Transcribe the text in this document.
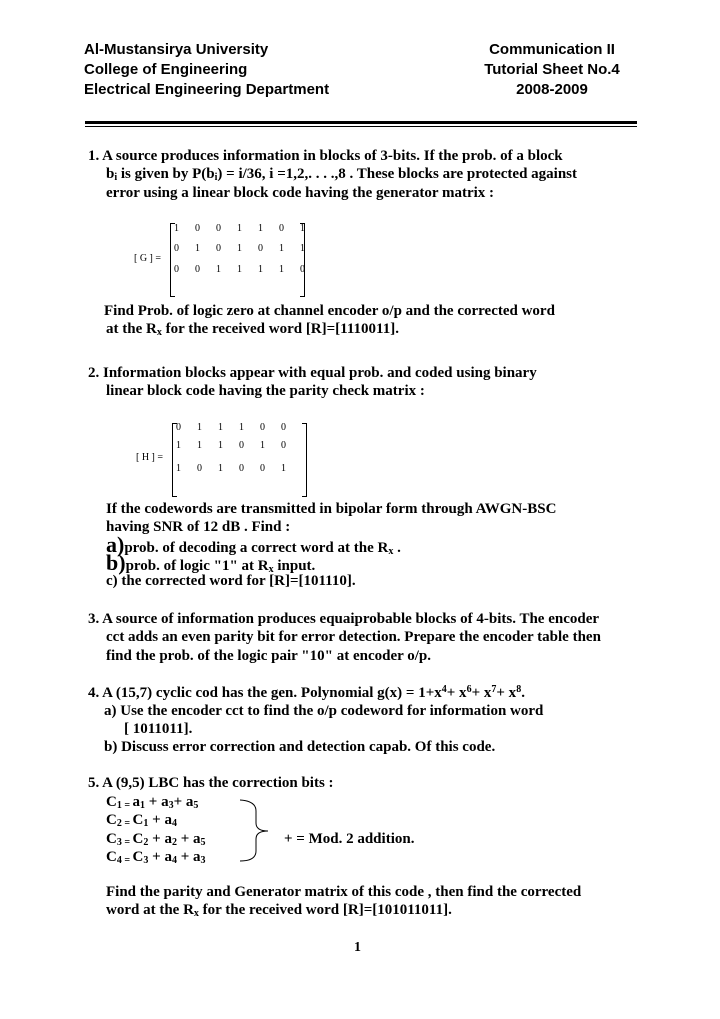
Al-Mustansirya University
College of Engineering
Electrical Engineering Department
Communication II
Tutorial Sheet No.4
2008-2009
1. A source produces information in blocks of 3-bits. If the prob. of a block
$b_i$ is given by $P(b_i) = i/36$, i =1,2,. . . .,8 . These blocks are protected against
error using a linear block code having the generator matrix :
[ G ] =
1 0 0 1 1 0 1
0 1 0 1 0 1 1
0 0 1 1 1 1 0
Find Prob. of logic zero at channel encoder o/p and the corrected word
at the $R_x$ for the received word [R]=[1110011].
2. Information blocks appear with equal prob. and coded using binary
linear block code having the parity check matrix :
[ H ] =
0 1 1 1 0 0
1 1 1 0 1 0
1 0 1 0 0 1
If the codewords are transmitted in bipolar form through AWGN-BSC
having SNR of 12 dB . Find :
a)prob. of decoding a correct word at the $R_x$ .
b)prob. of logic "1" at $R_x$ input.
c) the corrected word for [R]=[101110].
3. A source of information produces equaiprobable blocks of 4-bits. The encoder
cct adds an even parity bit for error detection. Prepare the encoder table then
find the prob. of the logic pair "10" at encoder o/p.
4. A (15,7) cyclic cod has the gen. Polynomial $g(x) = 1+x^4+ x^6+ x^7+ x^8$.
a) Use the encoder cct to find the o/p codeword for information word
[ 1011011].
b) Discuss error correction and detection capab. Of this code.
5. A (9,5) LBC has the correction bits :
$C_1$ $_=$ $a_1 + a_3+ a_5$
$C_2$ $_=$ $C_1 + a_4$
$C_3$ $_=$ $C_2 + a_2 + a_5$
$C_4$ $_=$ $C_3 + a_4 + a_3$
+ = Mod. 2 addition.
Find the parity and Generator matrix of this code , then find the corrected
word at the $R_x$ for the received word [R]=[101011011].
1
